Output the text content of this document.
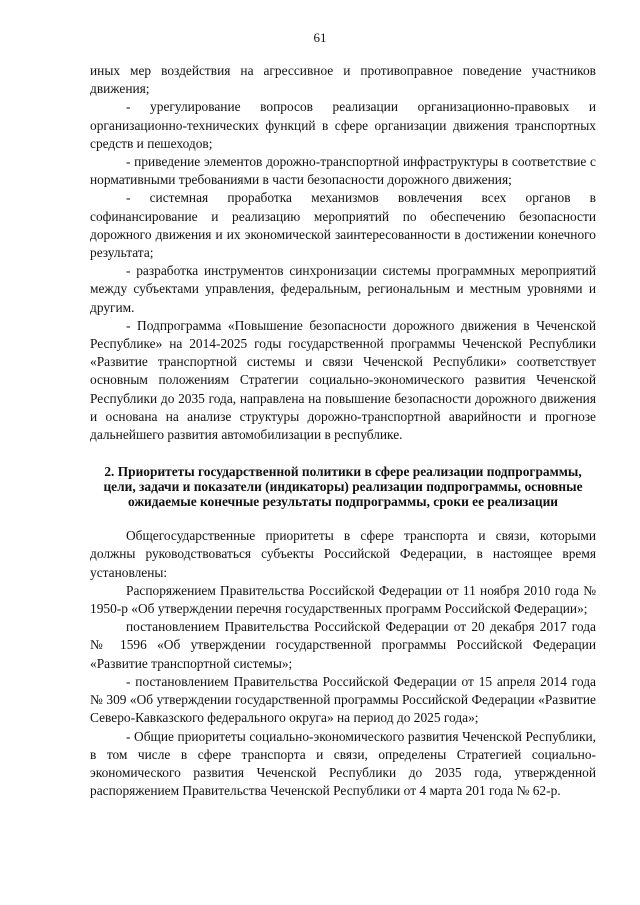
61

иных мер воздействия на агрессивное и противоправное поведение участников движения;

- урегулирование вопросов реализации организационно-правовых и организационно-технических функций в сфере организации движения транспортных средств и пешеходов;

- приведение элементов дорожно-транспортной инфраструктуры в соответствие с нормативными требованиями в части безопасности дорожного движения;

- системная проработка механизмов вовлечения всех органов в софинансирование и реализацию мероприятий по обеспечению безопасности дорожного движения и их экономической заинтересованности в достижении конечного результата;

- разработка инструментов синхронизации системы программных мероприятий между субъектами управления, федеральным, региональным и местным уровнями и другим.

- Подпрограмма «Повышение безопасности дорожного движения в Чеченской Республике» на 2014-2025 годы государственной программы Чеченской Республики «Развитие транспортной системы и связи Чеченской Республики» соответствует основным положениям Стратегии социально-экономического развития Чеченской Республики до 2035 года, направлена на повышение безопасности дорожного движения и основана на анализе структуры дорожно-транспортной аварийности и прогнозе дальнейшего развития автомобилизации в республике.

2. Приоритеты государственной политики в сфере реализации подпрограммы, цели, задачи и показатели (индикаторы) реализации подпрограммы, основные ожидаемые конечные результаты подпрограммы, сроки ее реализации

Общегосударственные приоритеты в сфере транспорта и связи, которыми должны руководствоваться субъекты Российской Федерации, в настоящее время установлены:

Распоряжением Правительства Российской Федерации от 11 ноября 2010 года № 1950-р «Об утверждении перечня государственных программ Российской Федерации»;

постановлением Правительства Российской Федерации от 20 декабря 2017 года № 1596 «Об утверждении государственной программы Российской Федерации «Развитие транспортной системы»;

- постановлением Правительства Российской Федерации от 15 апреля 2014 года № 309 «Об утверждении государственной программы Российской Федерации «Развитие Северо-Кавказского федерального округа» на период до 2025 года»;

- Общие приоритеты социально-экономического развития Чеченской Республики, в том числе в сфере транспорта и связи, определены Стратегией социально-экономического развития Чеченской Республики до 2035 года, утвержденной распоряжением Правительства Чеченской Республики от 4 марта 201 года № 62-р.
